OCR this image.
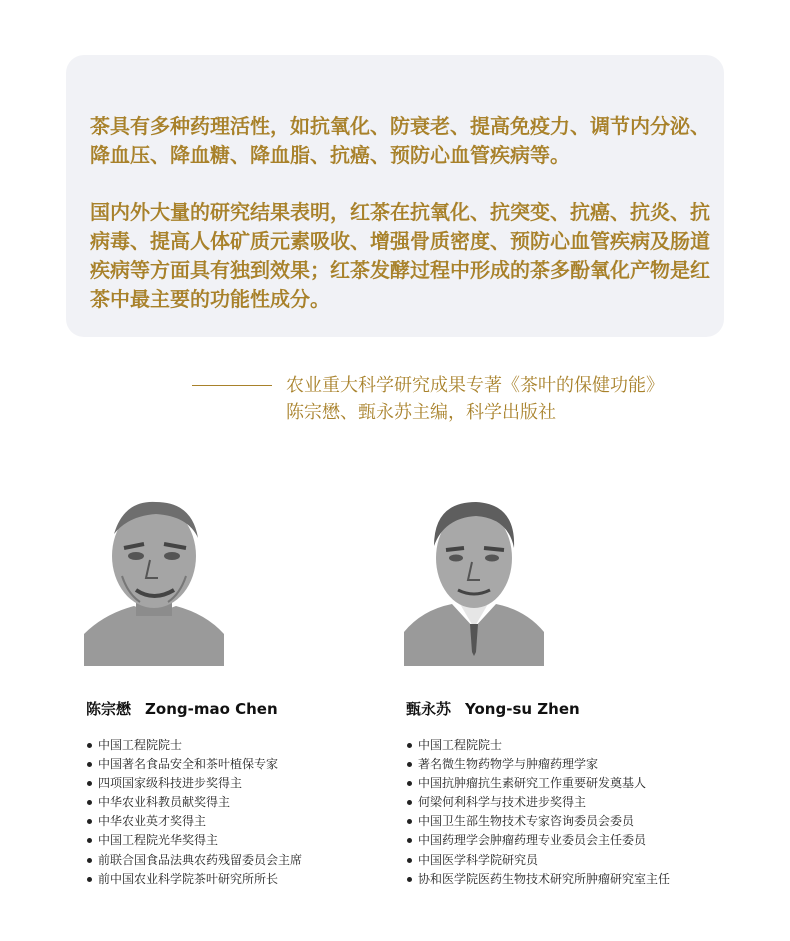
茶具有多种药理活性，如抗氧化、防衰老、提高免疫力、调节内分泌、降血压、降血糖、降血脂、抗癌、预防心血管疾病等。

国内外大量的研究结果表明，红茶在抗氧化、抗突变、抗癌、抗炎、抗病毒、提高人体矿质元素吸收、增强骨质密度、预防心血管疾病及肠道疾病等方面具有独到效果；红茶发酵过程中形成的茶多酚氧化产物是红茶中最主要的功能性成分。

农业重大科学研究成果专著《茶叶的保健功能》
陈宗懋、甄永苏主编，科学出版社
陈宗懋 Zong-mao Chen	甄永苏 Yong-su Zhen
中国工程院院士
中国著名食品安全和茶叶植保专家
四项国家级科技进步奖得主
中华农业科教员献奖得主
中华农业英才奖得主
中国工程院光华奖得主
前联合国食品法典农药残留委员会主席
前中国农业科学院茶叶研究所所长
中国工程院院士
著名微生物药物学与肿瘤药理学家
中国抗肿瘤抗生素研究工作重要研发奠基人
何梁何利科学与技术进步奖得主
中国卫生部生物技术专家咨询委员会委员
中国药理学会肿瘤药理专业委员会主任委员
中国医学科学院研究员
协和医学院医药生物技术研究所肿瘤研究室主任
